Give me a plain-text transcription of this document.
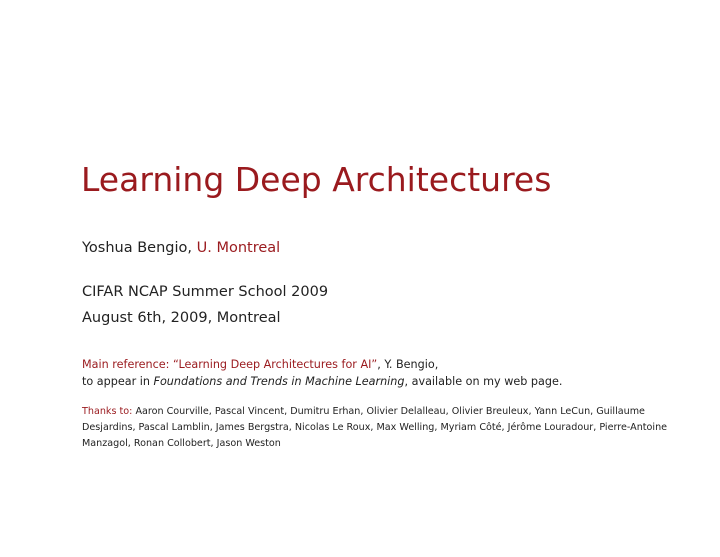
Learning Deep Architectures
Yoshua Bengio, U. Montreal
CIFAR NCAP Summer School 2009
August 6th, 2009, Montreal
Main reference: “Learning Deep Architectures for AI”, Y. Bengio,
to appear in Foundations and Trends in Machine Learning, available on my web page.
Thanks to: Aaron Courville, Pascal Vincent, Dumitru Erhan, Olivier Delalleau, Olivier Breuleux, Yann LeCun, Guillaume Desjardins, Pascal Lamblin, James Bergstra, Nicolas Le Roux, Max Welling, Myriam Côté, Jérôme Louradour, Pierre-Antoine Manzagol, Ronan Collobert, Jason Weston
